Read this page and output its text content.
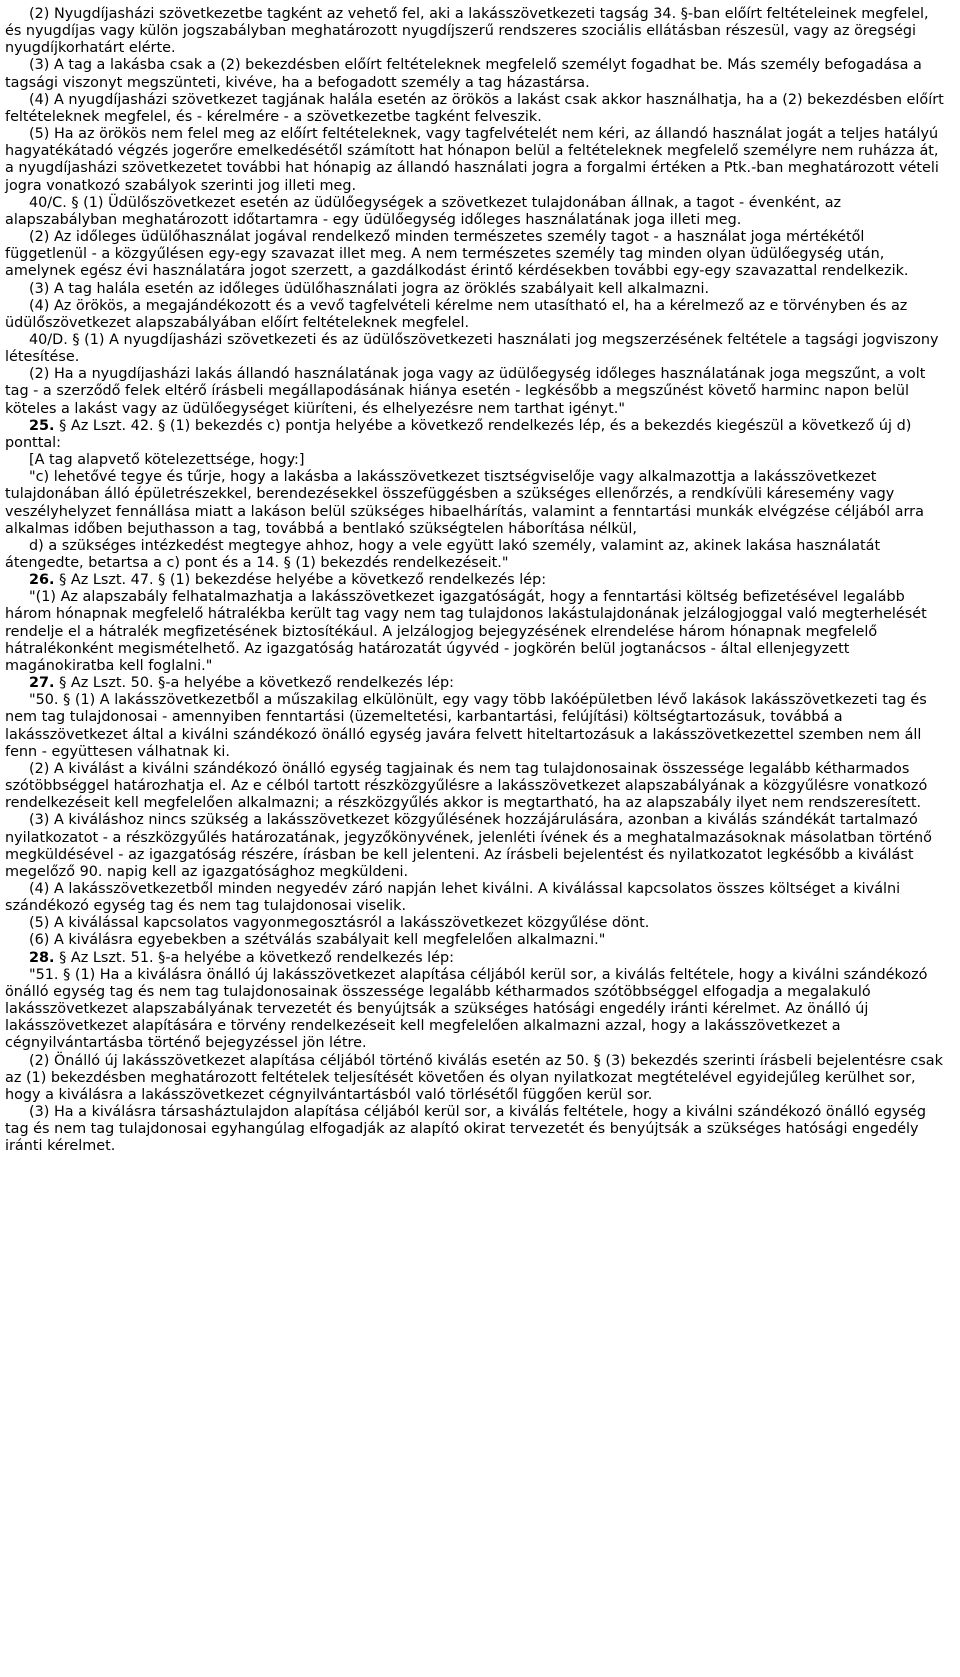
(2) Nyugdíjasházi szövetkezetbe tagként az vehető fel, aki a lakásszövetkezeti tagság 34. §-ban előírt feltételeinek megfelel, és nyugdíjas vagy külön jogszabályban meghatározott nyugdíjszerű rendszeres szociális ellátásban részesül, vagy az öregségi nyugdíjkorhatárt elérte.

(3) A tag a lakásba csak a (2) bekezdésben előírt feltételeknek megfelelő személyt fogadhat be. Más személy befogadása a tagsági viszonyt megszünteti, kivéve, ha a befogadott személy a tag házastársa.

(4) A nyugdíjasházi szövetkezet tagjának halála esetén az örökös a lakást csak akkor használhatja, ha a (2) bekezdésben előírt feltételeknek megfelel, és - kérelmére - a szövetkezetbe tagként felveszik.

(5) Ha az örökös nem felel meg az előírt feltételeknek, vagy tagfelvételét nem kéri, az állandó használat jogát a teljes hatályú hagyatékátadó végzés jogerőre emelkedésétől számított hat hónapon belül a feltételeknek megfelelő személyre nem ruházza át, a nyugdíjasházi szövetkezetet további hat hónapig az állandó használati jogra a forgalmi értéken a Ptk.-ban meghatározott vételi jogra vonatkozó szabályok szerinti jog illeti meg.

40/C. § (1) Üdülőszövetkezet esetén az üdülőegységek a szövetkezet tulajdonában állnak, a tagot - évenként, az alapszabályban meghatározott időtartamra - egy üdülőegység időleges használatának joga illeti meg.

(2) Az időleges üdülőhasználat jogával rendelkező minden természetes személy tagot - a használat joga mértékétől függetlenül - a közgyűlésen egy-egy szavazat illet meg. A nem természetes személy tag minden olyan üdülőegység után, amelynek egész évi használatára jogot szerzett, a gazdálkodást érintő kérdésekben további egy-egy szavazattal rendelkezik.

(3) A tag halála esetén az időleges üdülőhasználati jogra az öröklés szabályait kell alkalmazni.

(4) Az örökös, a megajándékozott és a vevő tagfelvételi kérelme nem utasítható el, ha a kérelmező az e törvényben és az üdülőszövetkezet alapszabályában előírt feltételeknek megfelel.

40/D. § (1) A nyugdíjasházi szövetkezeti és az üdülőszövetkezeti használati jog megszerzésének feltétele a tagsági jogviszony létesítése.

(2) Ha a nyugdíjasházi lakás állandó használatának joga vagy az üdülőegység időleges használatának joga megszűnt, a volt tag - a szerződő felek eltérő írásbeli megállapodásának hiánya esetén - legkésőbb a megszűnést követő harminc napon belül köteles a lakást vagy az üdülőegységet kiüríteni, és elhelyezésre nem tarthat igényt."

25. § Az Lszt. 42. § (1) bekezdés c) pontja helyébe a következő rendelkezés lép, és a bekezdés kiegészül a következő új d) ponttal:

[A tag alapvető kötelezettsége, hogy:]

"c) lehetővé tegye és tűrje, hogy a lakásba a lakásszövetkezet tisztségviselője vagy alkalmazottja a lakásszövetkezet tulajdonában álló épületrészekkel, berendezésekkel összefüggésben a szükséges ellenőrzés, a rendkívüli káresemény vagy veszélyhelyzet fennállása miatt a lakáson belül szükséges hibaelhárítás, valamint a fenntartási munkák elvégzése céljából arra alkalmas időben bejuthasson a tag, továbbá a bentlakó szükségtelen háborítása nélkül,

d) a szükséges intézkedést megtegye ahhoz, hogy a vele együtt lakó személy, valamint az, akinek lakása használatát átengedte, betartsa a c) pont és a 14. § (1) bekezdés rendelkezéseit."

26. § Az Lszt. 47. § (1) bekezdése helyébe a következő rendelkezés lép:

"(1) Az alapszabály felhatalmazhatja a lakásszövetkezet igazgatóságát, hogy a fenntartási költség befizetésével legalább három hónapnak megfelelő hátralékba került tag vagy nem tag tulajdonos lakástulajdonának jelzálogjoggal való megterhelését rendelje el a hátralék megfizetésének biztosítékául. A jelzálogjog bejegyzésének elrendelése három hónapnak megfelelő hátralékonként megismételhető. Az igazgatóság határozatát úgyvéd - jogkörén belül jogtanácsos - által ellenjegyzett magánokiratba kell foglalni."

27. § Az Lszt. 50. §-a helyébe a következő rendelkezés lép:

"50. § (1) A lakásszövetkezetből a műszakilag elkülönült, egy vagy több lakóépületben lévő lakások lakásszövetkezeti tag és nem tag tulajdonosai - amennyiben fenntartási (üzemeltetési, karbantartási, felújítási) költségtartozásuk, továbbá a lakásszövetkezet által a kiválni szándékozó önálló egység javára felvett hiteltartozásuk a lakásszövetkezettel szemben nem áll fenn - együttesen válhatnak ki.

(2) A kiválást a kiválni szándékozó önálló egység tagjainak és nem tag tulajdonosainak összessége legalább kétharmados szótöbbséggel határozhatja el. Az e célból tartott részközgyűlésre a lakásszövetkezet alapszabályának a közgyűlésre vonatkozó rendelkezéseit kell megfelelően alkalmazni; a részközgyűlés akkor is megtartható, ha az alapszabály ilyet nem rendszeresített.

(3) A kiváláshoz nincs szükség a lakásszövetkezet közgyűlésének hozzájárulására, azonban a kiválás szándékát tartalmazó nyilatkozatot - a részközgyűlés határozatának, jegyzőkönyvének, jelenléti ívének és a meghatalmazásoknak másolatban történő megküldésével - az igazgatóság részére, írásban be kell jelenteni. Az írásbeli bejelentést és nyilatkozatot legkésőbb a kiválást megelőző 90. napig kell az igazgatósághoz megküldeni.

(4) A lakásszövetkezetből minden negyedév záró napján lehet kiválni. A kiválással kapcsolatos összes költséget a kiválni szándékozó egység tag és nem tag tulajdonosai viselik.

(5) A kiválással kapcsolatos vagyonmegosztásról a lakásszövetkezet közgyűlése dönt.

(6) A kiválásra egyebekben a szétválás szabályait kell megfelelően alkalmazni."

28. § Az Lszt. 51. §-a helyébe a következő rendelkezés lép:

"51. § (1) Ha a kiválásra önálló új lakásszövetkezet alapítása céljából kerül sor, a kiválás feltétele, hogy a kiválni szándékozó önálló egység tag és nem tag tulajdonosainak összessége legalább kétharmados szótöbbséggel elfogadja a megalakuló lakásszövetkezet alapszabályának tervezetét és benyújtsák a szükséges hatósági engedély iránti kérelmet. Az önálló új lakásszövetkezet alapítására e törvény rendelkezéseit kell megfelelően alkalmazni azzal, hogy a lakásszövetkezet a cégnyilvántartásba történő bejegyzéssel jön létre.

(2) Önálló új lakásszövetkezet alapítása céljából történő kiválás esetén az 50. § (3) bekezdés szerinti írásbeli bejelentésre csak az (1) bekezdésben meghatározott feltételek teljesítését követően és olyan nyilatkozat megtételével egyidejűleg kerülhet sor, hogy a kiválásra a lakásszövetkezet cégnyilvántartásból való törlésétől függően kerül sor.

(3) Ha a kiválásra társasháztulajdon alapítása céljából kerül sor, a kiválás feltétele, hogy a kiválni szándékozó önálló egység tag és nem tag tulajdonosai egyhangúlag elfogadják az alapító okirat tervezetét és benyújtsák a szükséges hatósági engedély iránti kérelmet.
